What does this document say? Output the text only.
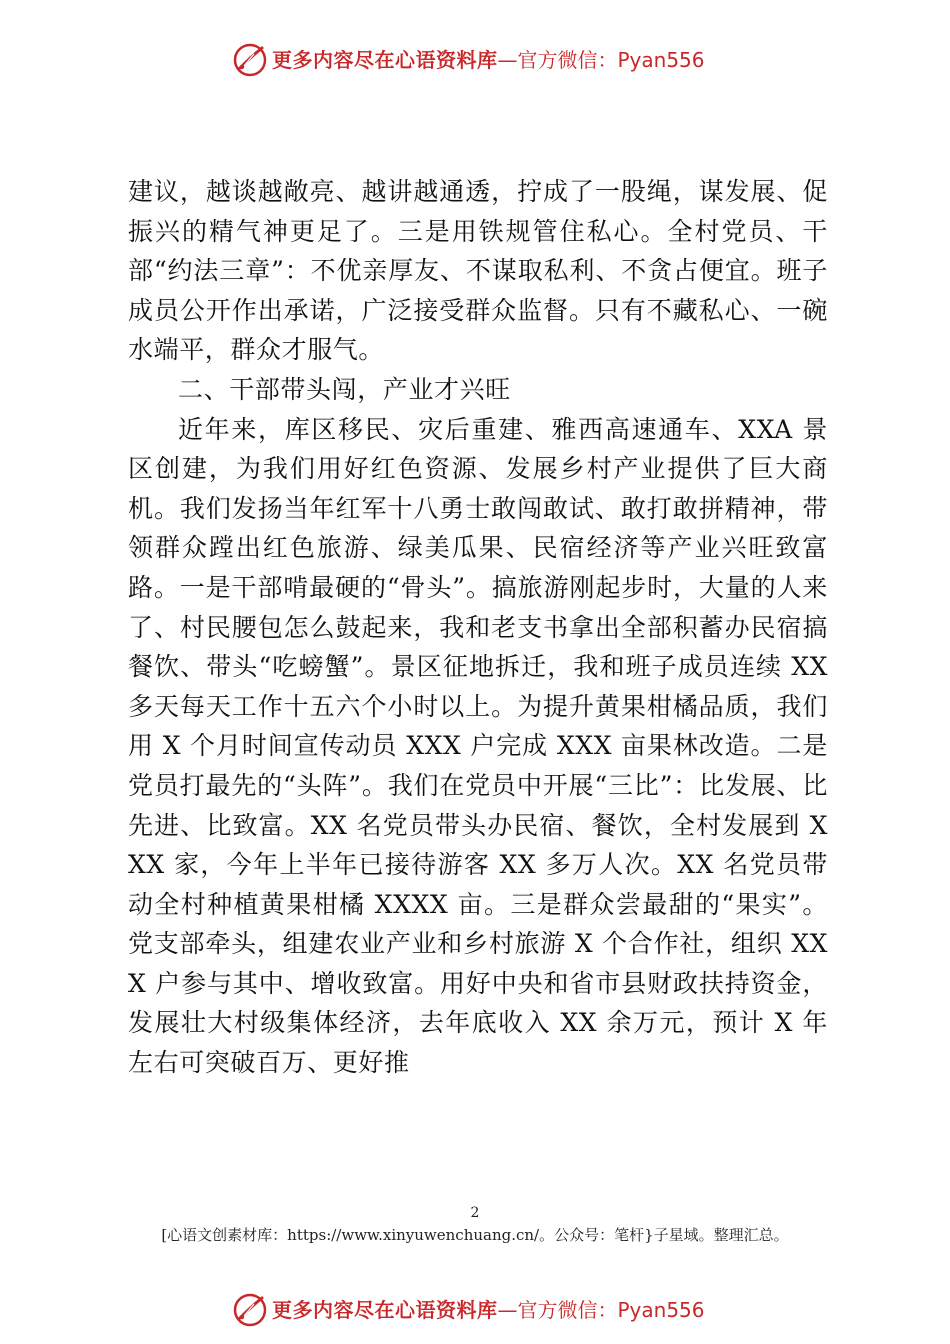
更多内容尽在心语资料库—官方微信：Pyan556

建议，越谈越敞亮、越讲越通透，拧成了一股绳，谋发展、促振兴的精气神更足了。三是用铁规管住私心。全村党员、干部“约法三章”：不优亲厚友、不谋取私利、不贪占便宜。班子成员公开作出承诺，广泛接受群众监督。只有不藏私心、一碗水端平，群众才服气。

二、干部带头闯，产业才兴旺

近年来，库区移民、灾后重建、雅西高速通车、XXA 景区创建，为我们用好红色资源、发展乡村产业提供了巨大商机。我们发扬当年红军十八勇士敢闯敢试、敢打敢拼精神，带领群众蹚出红色旅游、绿美瓜果、民宿经济等产业兴旺致富路。一是干部啃最硬的“骨头”。搞旅游刚起步时，大量的人来了、村民腰包怎么鼓起来，我和老支书拿出全部积蓄办民宿搞餐饮、带头“吃螃蟹”。景区征地拆迁，我和班子成员连续 XX 多天每天工作十五六个小时以上。为提升黄果柑橘品质，我们用 X 个月时间宣传动员 XXX 户完成 XXX 亩果林改造。二是党员打最先的“头阵”。我们在党员中开展“三比”：比发展、比先进、比致富。XX 名党员带头办民宿、餐饮，全村发展到 XXX 家，今年上半年已接待游客 XX 多万人次。XX 名党员带动全村种植黄果柑橘 XXXX 亩。三是群众尝最甜的“果实”。党支部牵头，组建农业产业和乡村旅游 X 个合作社，组织 XXX 户参与其中、增收致富。用好中央和省市县财政扶持资金，发展壮大村级集体经济，去年底收入 XX 余万元，预计 X 年左右可突破百万、更好推

2
[心语文创素材库：https://www.xinyuwenchuang.cn/。公众号：笔杆}子星域。整理汇总。
更多内容尽在心语资料库—官方微信：Pyan556
